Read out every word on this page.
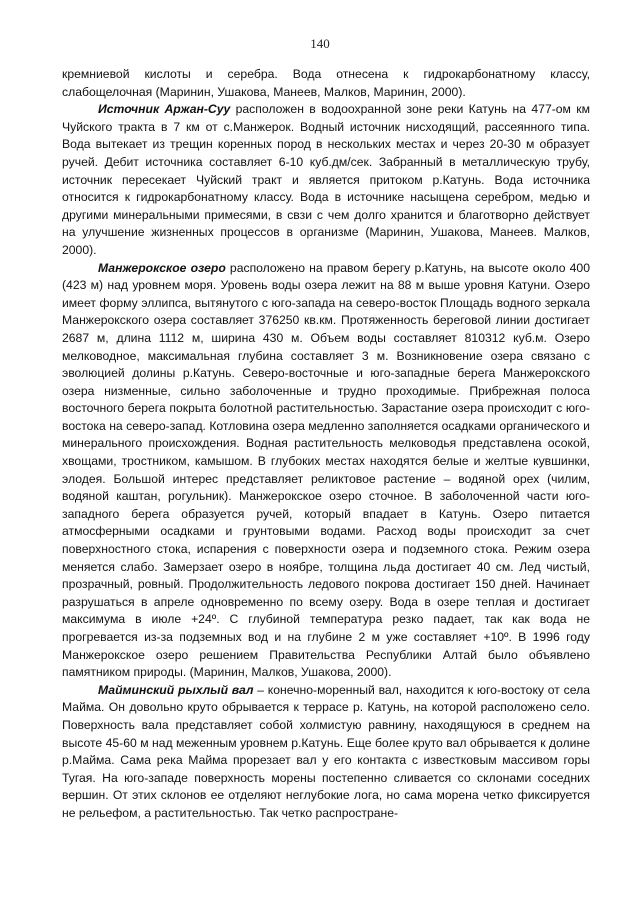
140

кремниевой кислоты и серебра. Вода отнесена к гидрокарбонатному классу, слабощелочная (Маринин, Ушакова, Манеев, Малков, Маринин, 2000).

Источник Аржан-Суу расположен в водоохранной зоне реки Катунь на 477-ом км Чуйского тракта в 7 км от с.Манжерок. Водный источник нисходящий, рассеянного типа. Вода вытекает из трещин коренных пород в нескольких местах и через 20-30 м образует ручей. Дебит источника составляет 6-10 куб.дм/сек. Забранный в металлическую трубу, источник пересекает Чуйский тракт и является притоком р.Катунь. Вода источника относится к гидрокарбонатному классу. Вода в источнике насыщена серебром, медью и другими минеральными примесями, в свзи с чем долго хранится и благотворно действует на улучшение жизненных процессов в организме (Маринин, Ушакова, Манеев. Малков, 2000).

Манжерокское озеро расположено на правом берегу р.Катунь, на высоте около 400 (423 м) над уровнем моря. Уровень воды озера лежит на 88 м выше уровня Катуни. Озеро имеет форму эллипса, вытянутого с юго-запада на северо-восток Площадь водного зеркала Манжерокского озера составляет 376250 кв.км. Протяженность береговой линии достигает 2687 м, длина 1112 м, ширина 430 м. Объем воды составляет 810312 куб.м. Озеро мелководное, максимальная глубина составляет 3 м. Возникновение озера связано с эволюцией долины р.Катунь. Северо-восточные и юго-западные берега Манжерокского озера низменные, сильно заболоченные и трудно проходимые. Прибрежная полоса восточного берега покрыта болотной растительностью. Зарастание озера происходит с юго-востока на северо-запад. Котловина озера медленно заполняется осадками органического и минерального происхождения. Водная растительность мелководья представлена осокой, хвощами, тростником, камышом. В глубоких местах находятся белые и желтые кувшинки, элодея. Большой интерес представляет реликтовое растение – водяной орех (чилим, водяной каштан, рогульник). Манжерокское озеро сточное. В заболоченной части юго-западного берега образуется ручей, который впадает в Катунь. Озеро питается атмосферными осадками и грунтовыми водами. Расход воды происходит за счет поверхностного стока, испарения с поверхности озера и подземного стока. Режим озера меняется слабо. Замерзает озеро в ноябре, толщина льда достигает 40 см. Лед чистый, прозрачный, ровный. Продолжительность ледового покрова достигает 150 дней. Начинает разрушаться в апреле одновременно по всему озеру. Вода в озере теплая и достигает максимума в июле +24º. С глубиной температура резко падает, так как вода не прогревается из-за подземных вод и на глубине 2 м уже составляет +10º. В 1996 году Манжерокское озеро решением Правительства Республики Алтай было объявлено памятником природы. (Маринин, Малков, Ушакова, 2000).

Майминский рыхлый вал – конечно-моренный вал, находится к юго-востоку от села Майма. Он довольно круто обрывается к террасе р. Катунь, на которой расположено село. Поверхность вала представляет собой холмистую равнину, находящуюся в среднем на высоте 45-60 м над меженным уровнем р.Катунь. Еще более круто вал обрывается к долине р.Майма. Сама река Майма прорезает вал у его контакта с известковым массивом горы Тугая. На юго-западе поверхность морены постепенно сливается со склонами соседних вершин. От этих склонов ее отделяют неглубокие лога, но сама морена четко фиксируется не рельефом, а растительностью. Так четко распростране-
